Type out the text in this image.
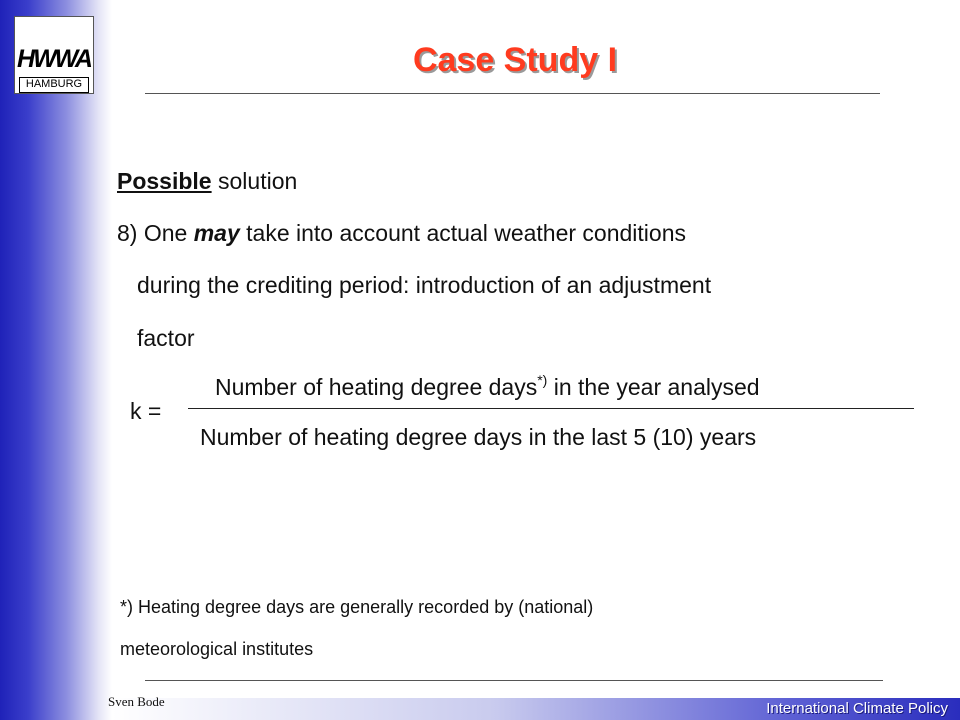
HWWA
HAMBURG
Case Study I
Possible solution
8) One may take into account actual weather conditions
during the crediting period: introduction of an adjustment
factor
k =
Number of heating degree days*) in the year analysed
Number of heating degree days in the last 5 (10) years
*) Heating degree days are generally recorded by (national)
meteorological institutes
Sven Bode	International Climate Policy
